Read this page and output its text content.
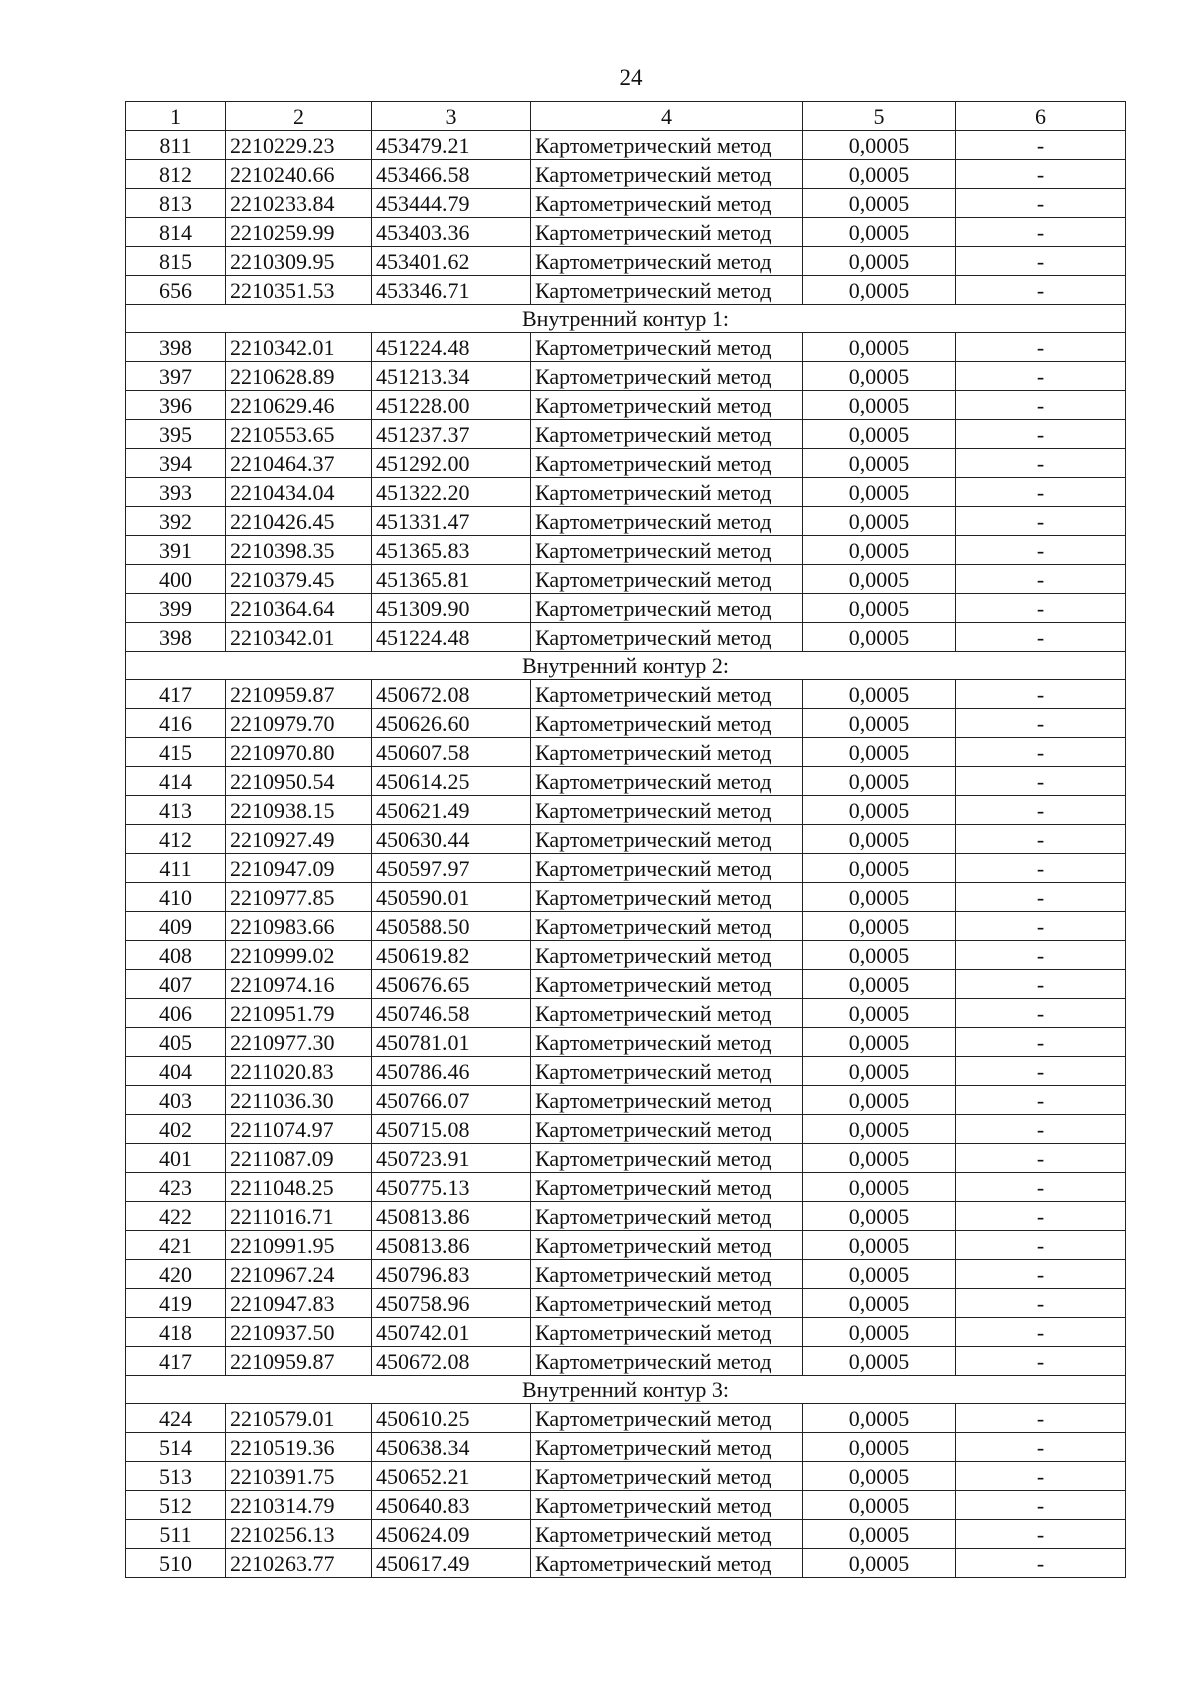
24
1	2	3	4	5	6
811	2210229.23	453479.21	Картометрический метод	0,0005	-
812	2210240.66	453466.58	Картометрический метод	0,0005	-
813	2210233.84	453444.79	Картометрический метод	0,0005	-
814	2210259.99	453403.36	Картометрический метод	0,0005	-
815	2210309.95	453401.62	Картометрический метод	0,0005	-
656	2210351.53	453346.71	Картометрический метод	0,0005	-
Внутренний контур 1:					
398	2210342.01	451224.48	Картометрический метод	0,0005	-
397	2210628.89	451213.34	Картометрический метод	0,0005	-
396	2210629.46	451228.00	Картометрический метод	0,0005	-
395	2210553.65	451237.37	Картометрический метод	0,0005	-
394	2210464.37	451292.00	Картометрический метод	0,0005	-
393	2210434.04	451322.20	Картометрический метод	0,0005	-
392	2210426.45	451331.47	Картометрический метод	0,0005	-
391	2210398.35	451365.83	Картометрический метод	0,0005	-
400	2210379.45	451365.81	Картометрический метод	0,0005	-
399	2210364.64	451309.90	Картометрический метод	0,0005	-
398	2210342.01	451224.48	Картометрический метод	0,0005	-
Внутренний контур 2:					
417	2210959.87	450672.08	Картометрический метод	0,0005	-
416	2210979.70	450626.60	Картометрический метод	0,0005	-
415	2210970.80	450607.58	Картометрический метод	0,0005	-
414	2210950.54	450614.25	Картометрический метод	0,0005	-
413	2210938.15	450621.49	Картометрический метод	0,0005	-
412	2210927.49	450630.44	Картометрический метод	0,0005	-
411	2210947.09	450597.97	Картометрический метод	0,0005	-
410	2210977.85	450590.01	Картометрический метод	0,0005	-
409	2210983.66	450588.50	Картометрический метод	0,0005	-
408	2210999.02	450619.82	Картометрический метод	0,0005	-
407	2210974.16	450676.65	Картометрический метод	0,0005	-
406	2210951.79	450746.58	Картометрический метод	0,0005	-
405	2210977.30	450781.01	Картометрический метод	0,0005	-
404	2211020.83	450786.46	Картометрический метод	0,0005	-
403	2211036.30	450766.07	Картометрический метод	0,0005	-
402	2211074.97	450715.08	Картометрический метод	0,0005	-
401	2211087.09	450723.91	Картометрический метод	0,0005	-
423	2211048.25	450775.13	Картометрический метод	0,0005	-
422	2211016.71	450813.86	Картометрический метод	0,0005	-
421	2210991.95	450813.86	Картометрический метод	0,0005	-
420	2210967.24	450796.83	Картометрический метод	0,0005	-
419	2210947.83	450758.96	Картометрический метод	0,0005	-
418	2210937.50	450742.01	Картометрический метод	0,0005	-
417	2210959.87	450672.08	Картометрический метод	0,0005	-
Внутренний контур 3:					
424	2210579.01	450610.25	Картометрический метод	0,0005	-
514	2210519.36	450638.34	Картометрический метод	0,0005	-
513	2210391.75	450652.21	Картометрический метод	0,0005	-
512	2210314.79	450640.83	Картометрический метод	0,0005	-
511	2210256.13	450624.09	Картометрический метод	0,0005	-
510	2210263.77	450617.49	Картометрический метод	0,0005	-
